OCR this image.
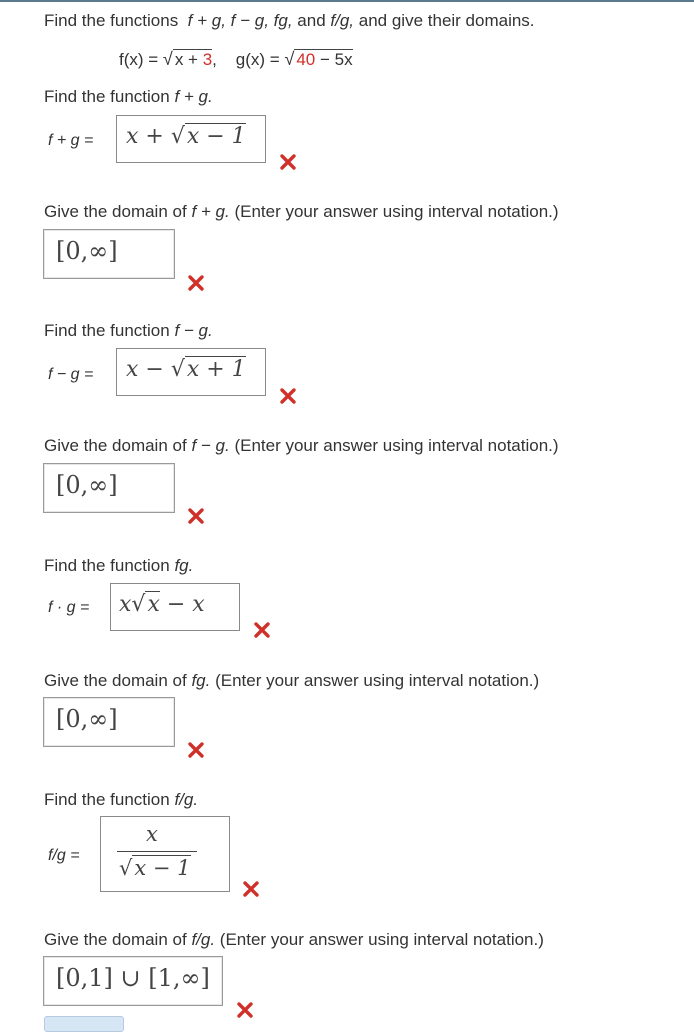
Find the functions f + g, f − g, fg, and f/g, and give their domains.
f(x) = √ x + 3, g(x) = √ 40 − 5x
Find the function f + g.
f + g = x + √x − 1
Give the domain of f + g. (Enter your answer using interval notation.)
[0,∞]
Find the function f − g.
f − g = x − √x + 1
Give the domain of f − g. (Enter your answer using interval notation.)
[0,∞]
Find the function fg.
f · g = x√x − x
Give the domain of fg. (Enter your answer using interval notation.)
[0,∞]
Find the function f/g.
f/g =
x
√x − 1
Give the domain of f/g. (Enter your answer using interval notation.)
[0,1] ∪ [1,∞]
